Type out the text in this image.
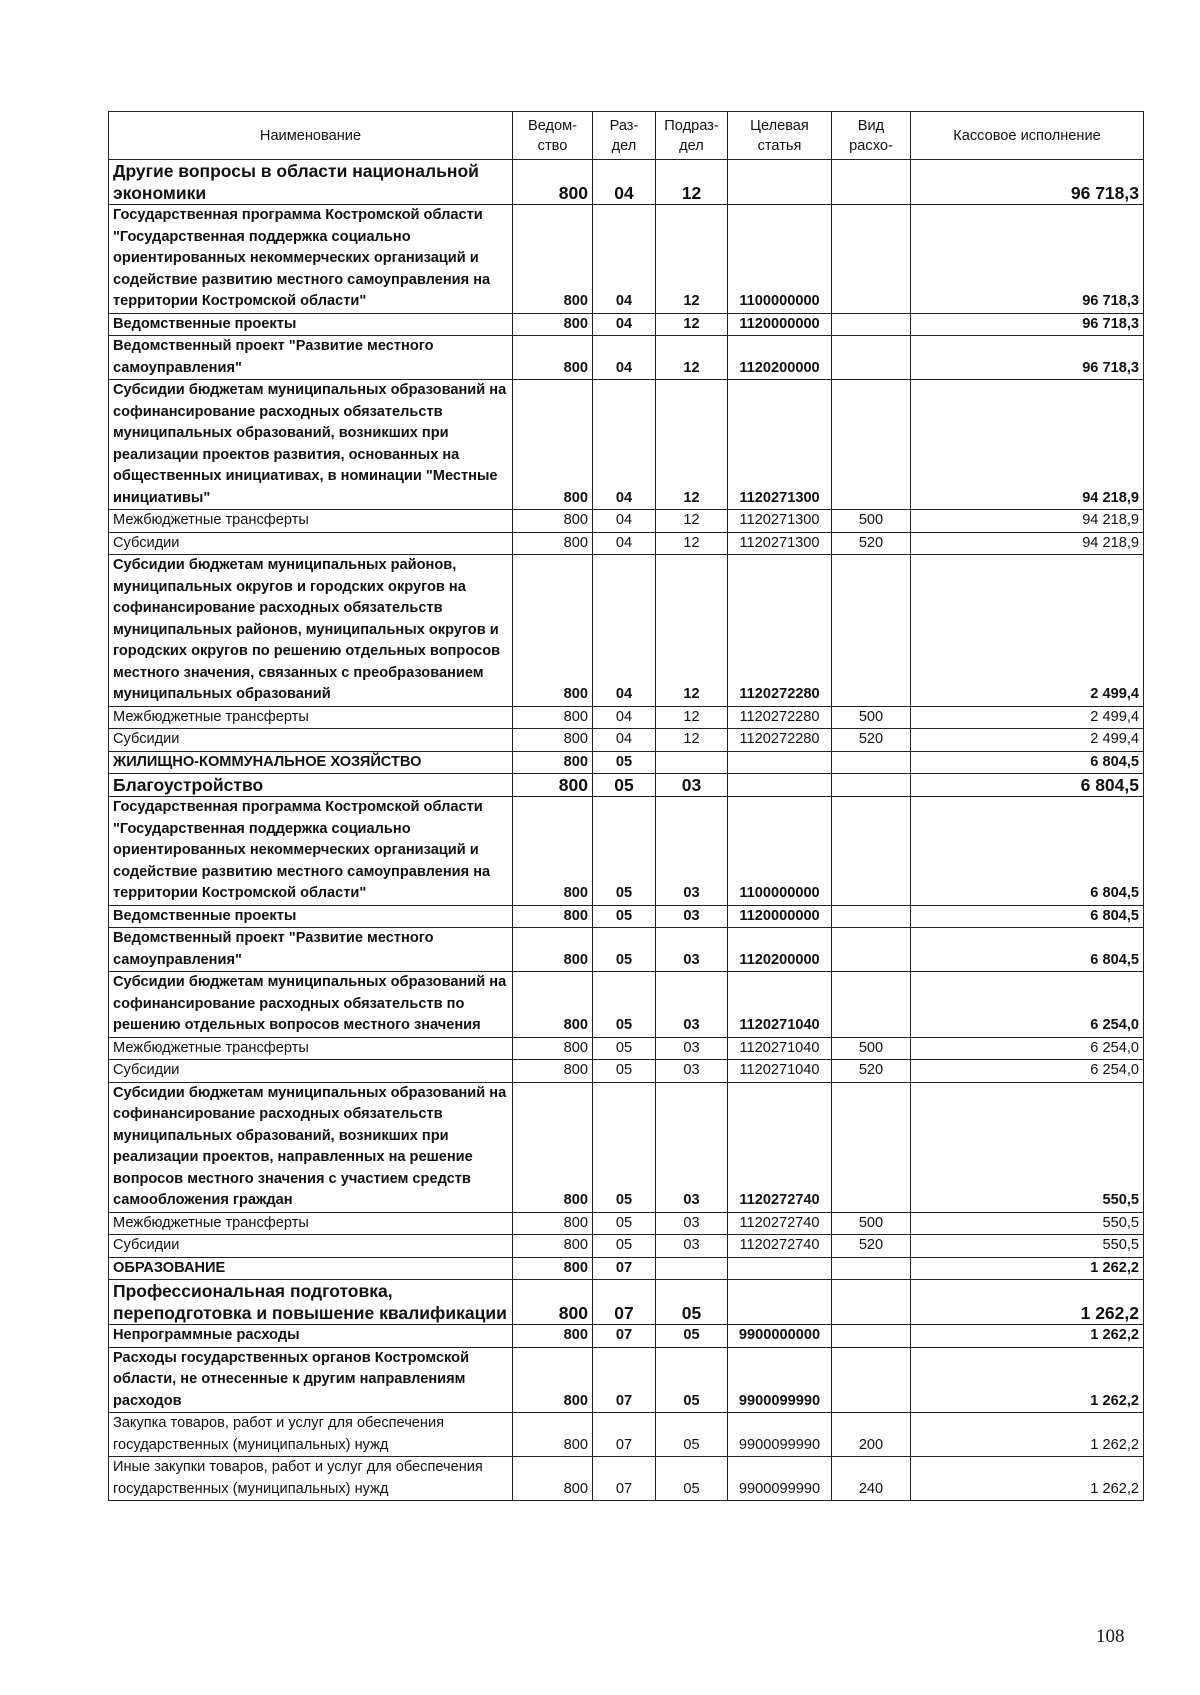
Наименование	Ведом- ство	Раз- дел	Подраз- дел	Целевая статья	Вид расхо-	Кассовое исполнение
Другие вопросы в области национальной экономики	800	04	12			96 718,3
Государственная программа Костромской области "Государственная поддержка социально ориентированных некоммерческих организаций и содействие развитию местного самоуправления на территории Костромской области"	800	04	12	1100000000		96 718,3
Ведомственные проекты	800	04	12	1120000000		96 718,3
Ведомственный проект "Развитие местного самоуправления"	800	04	12	1120200000		96 718,3
Субсидии бюджетам муниципальных образований на софинансирование расходных обязательств муниципальных образований, возникших при реализации проектов развития, основанных на общественных инициативах, в номинации "Местные инициативы"	800	04	12	1120271300		94 218,9
Межбюджетные трансферты	800	04	12	1120271300	500	94 218,9
Субсидии	800	04	12	1120271300	520	94 218,9
Субсидии бюджетам муниципальных районов, муниципальных округов и городских округов на софинансирование расходных обязательств муниципальных районов, муниципальных округов и городских округов по решению отдельных вопросов местного значения, связанных с преобразованием муниципальных образований	800	04	12	1120272280		2 499,4
Межбюджетные трансферты	800	04	12	1120272280	500	2 499,4
Субсидии	800	04	12	1120272280	520	2 499,4
ЖИЛИЩНО-КОММУНАЛЬНОЕ ХОЗЯЙСТВО	800	05				6 804,5
Благоустройство	800	05	03			6 804,5
Государственная программа Костромской области "Государственная поддержка социально ориентированных некоммерческих организаций и содействие развитию местного самоуправления на территории Костромской области"	800	05	03	1100000000		6 804,5
Ведомственные проекты	800	05	03	1120000000		6 804,5
Ведомственный проект "Развитие местного самоуправления"	800	05	03	1120200000		6 804,5
Субсидии бюджетам муниципальных образований на софинансирование расходных обязательств по решению отдельных вопросов местного значения	800	05	03	1120271040		6 254,0
Межбюджетные трансферты	800	05	03	1120271040	500	6 254,0
Субсидии	800	05	03	1120271040	520	6 254,0
Субсидии бюджетам муниципальных образований на софинансирование расходных обязательств муниципальных образований, возникших при реализации проектов, направленных на решение вопросов местного значения с участием средств самообложения граждан	800	05	03	1120272740		550,5
Межбюджетные трансферты	800	05	03	1120272740	500	550,5
Субсидии	800	05	03	1120272740	520	550,5
ОБРАЗОВАНИЕ	800	07				1 262,2
Профессиональная подготовка, переподготовка и повышение квалификации	800	07	05			1 262,2
Непрограммные расходы	800	07	05	9900000000		1 262,2
Расходы государственных органов Костромской области, не отнесенные к другим направлениям расходов	800	07	05	9900099990		1 262,2
Закупка товаров, работ и услуг для обеспечения государственных (муниципальных) нужд	800	07	05	9900099990	200	1 262,2
Иные закупки товаров, работ и услуг для обеспечения государственных (муниципальных) нужд	800	07	05	9900099990	240	1 262,2
108
